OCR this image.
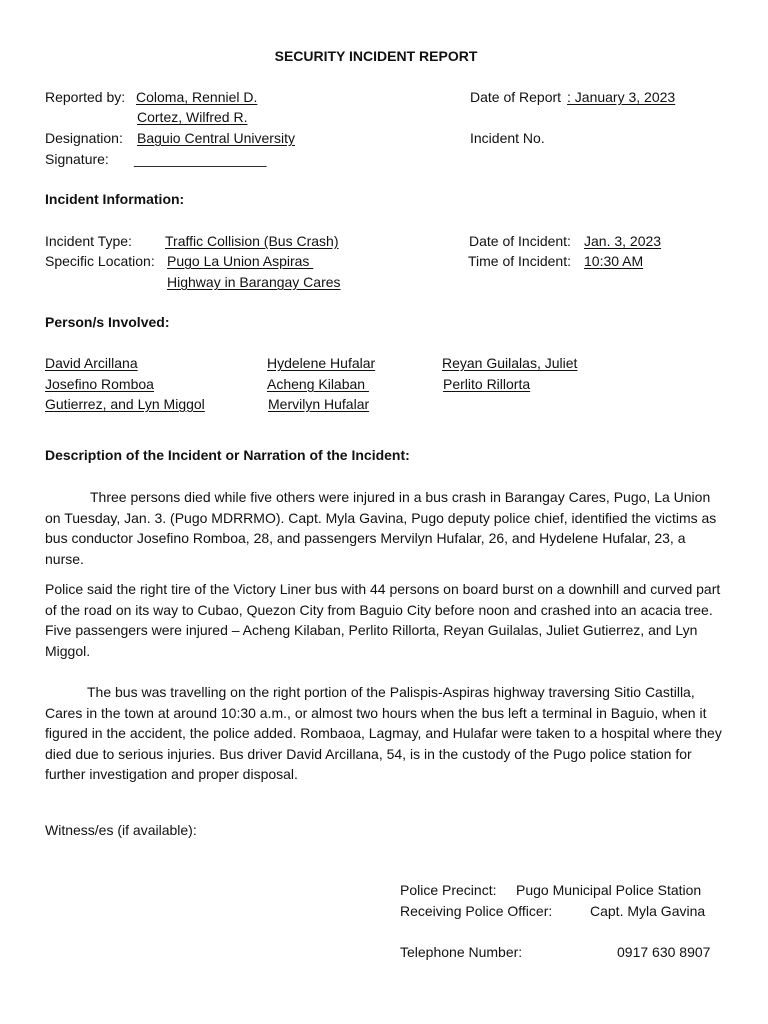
SECURITY INCIDENT REPORT
Reported by: Coloma, Renniel D.
Cortez, Wilfred R.
Designation: Baguio Central University
Signature: _________________
Date of Report : January 3, 2023
Incident No.
Incident Information:
Incident Type: Traffic Collision (Bus Crash)
Specific Location: Pugo La Union Aspiras
Highway in Barangay Cares
Date of Incident: Jan. 3, 2023
Time of Incident: 10:30 AM
Person/s Involved:
David Arcillana
Josefino Romboa
Gutierrez, and Lyn Miggol
Hydelene Hufalar
Acheng Kilaban
Mervilyn Hufalar
Reyan Guilalas, Juliet
Perlito Rillorta
Description of the Incident or Narration of the Incident:
Three persons died while five others were injured in a bus crash in Barangay Cares, Pugo, La Union on Tuesday, Jan. 3. (Pugo MDRRMO). Capt. Myla Gavina, Pugo deputy police chief, identified the victims as bus conductor Josefino Romboa, 28, and passengers Mervilyn Hufalar, 26, and Hydelene Hufalar, 23, a nurse.
Police said the right tire of the Victory Liner bus with 44 persons on board burst on a downhill and curved part of the road on its way to Cubao, Quezon City from Baguio City before noon and crashed into an acacia tree. Five passengers were injured – Acheng Kilaban, Perlito Rillorta, Reyan Guilalas, Juliet Gutierrez, and Lyn Miggol.
The bus was travelling on the right portion of the Palispis-Aspiras highway traversing Sitio Castilla, Cares in the town at around 10:30 a.m., or almost two hours when the bus left a terminal in Baguio, when it figured in the accident, the police added. Rombaoa, Lagmay, and Hulafar were taken to a hospital where they died due to serious injuries. Bus driver David Arcillana, 54, is in the custody of the Pugo police station for further investigation and proper disposal.
Witness/es (if available):
Police Precinct: Pugo Municipal Police Station
Receiving Police Officer:	Capt. Myla Gavina
Telephone Number:	0917 630 8907
